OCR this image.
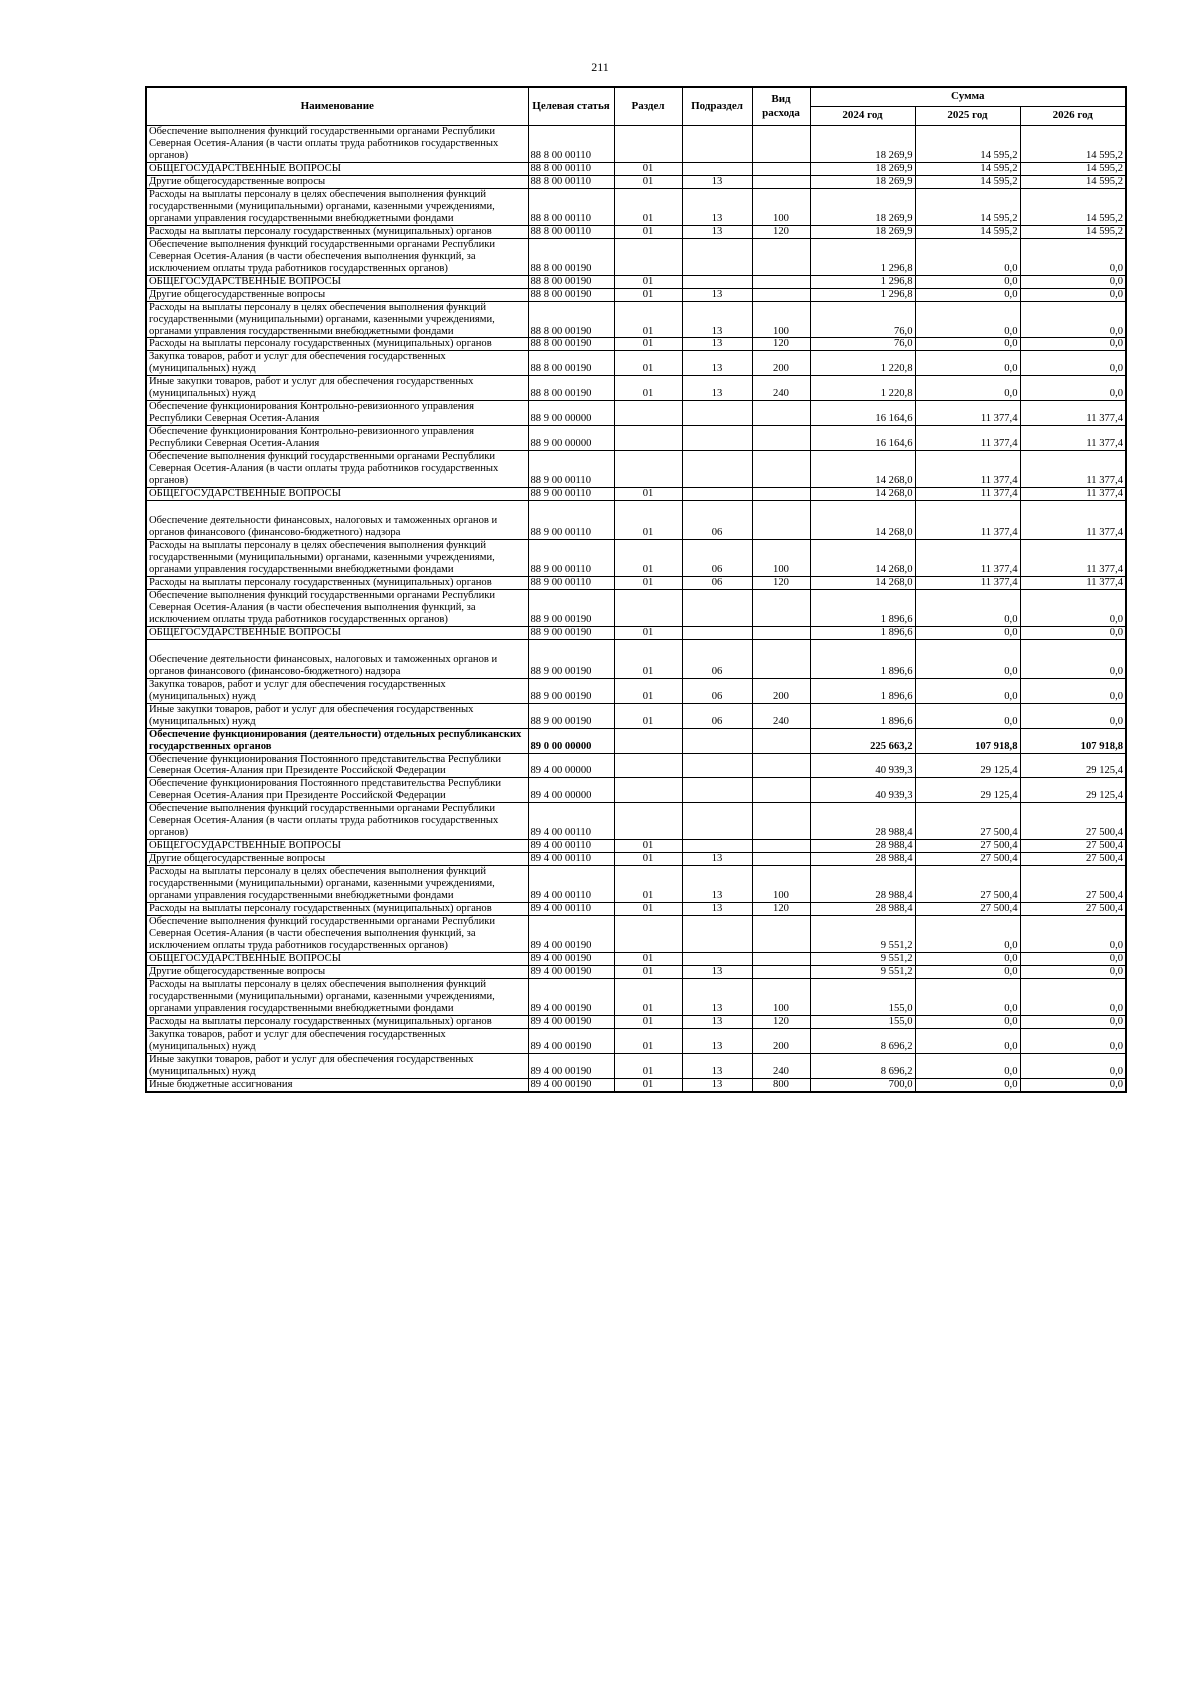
211
Наименование	Целевая статья	Раздел	Подраздел	Вид расхода	Сумма		
					2024 год	2025 год	2026 год
Обеспечение выполнения функций государственными органами Республики Северная Осетия-Алания (в части оплаты труда работников государственных органов)	88 8 00 00110				18 269,9	14 595,2	14 595,2
ОБЩЕГОСУДАРСТВЕННЫЕ ВОПРОСЫ	88 8 00 00110	01			18 269,9	14 595,2	14 595,2
Другие общегосударственные вопросы	88 8 00 00110	01	13		18 269,9	14 595,2	14 595,2
Расходы на выплаты персоналу в целях обеспечения выполнения функций государственными (муниципальными) органами, казенными учреждениями, органами управления государственными внебюджетными фондами	88 8 00 00110	01	13	100	18 269,9	14 595,2	14 595,2
Расходы на выплаты персоналу государственных (муниципальных) органов	88 8 00 00110	01	13	120	18 269,9	14 595,2	14 595,2
Обеспечение выполнения функций государственными органами Республики Северная Осетия-Алания (в части обеспечения выполнения функций, за исключением оплаты труда работников государственных органов)	88 8 00 00190				1 296,8	0,0	0,0
ОБЩЕГОСУДАРСТВЕННЫЕ ВОПРОСЫ	88 8 00 00190	01			1 296,8	0,0	0,0
Другие общегосударственные вопросы	88 8 00 00190	01	13		1 296,8	0,0	0,0
Расходы на выплаты персоналу в целях обеспечения выполнения функций государственными (муниципальными) органами, казенными учреждениями, органами управления государственными внебюджетными фондами	88 8 00 00190	01	13	100	76,0	0,0	0,0
Расходы на выплаты персоналу государственных (муниципальных) органов	88 8 00 00190	01	13	120	76,0	0,0	0,0
Закупка товаров, работ и услуг для обеспечения государственных (муниципальных) нужд	88 8 00 00190	01	13	200	1 220,8	0,0	0,0
Иные закупки товаров, работ и услуг для обеспечения государственных (муниципальных) нужд	88 8 00 00190	01	13	240	1 220,8	0,0	0,0
Обеспечение функционирования Контрольно-ревизионного управления Республики Северная Осетия-Алания	88 9 00 00000				16 164,6	11 377,4	11 377,4
Обеспечение функционирования Контрольно-ревизионного управления Республики Северная Осетия-Алания	88 9 00 00000				16 164,6	11 377,4	11 377,4
Обеспечение выполнения функций государственными органами Республики Северная Осетия-Алания (в части оплаты труда работников государственных органов)	88 9 00 00110				14 268,0	11 377,4	11 377,4
ОБЩЕГОСУДАРСТВЕННЫЕ ВОПРОСЫ	88 9 00 00110	01			14 268,0	11 377,4	11 377,4
Обеспечение деятельности финансовых, налоговых и таможенных органов и органов финансового (финансово-бюджетного) надзора	88 9 00 00110	01	06		14 268,0	11 377,4	11 377,4
Расходы на выплаты персоналу в целях обеспечения выполнения функций государственными (муниципальными) органами, казенными учреждениями, органами управления государственными внебюджетными фондами	88 9 00 00110	01	06	100	14 268,0	11 377,4	11 377,4
Расходы на выплаты персоналу государственных (муниципальных) органов	88 9 00 00110	01	06	120	14 268,0	11 377,4	11 377,4
Обеспечение выполнения функций государственными органами Республики Северная Осетия-Алания (в части обеспечения выполнения функций, за исключением оплаты труда работников государственных органов)	88 9 00 00190				1 896,6	0,0	0,0
ОБЩЕГОСУДАРСТВЕННЫЕ ВОПРОСЫ	88 9 00 00190	01			1 896,6	0,0	0,0
Обеспечение деятельности финансовых, налоговых и таможенных органов и органов финансового (финансово-бюджетного) надзора	88 9 00 00190	01	06		1 896,6	0,0	0,0
Закупка товаров, работ и услуг для обеспечения государственных (муниципальных) нужд	88 9 00 00190	01	06	200	1 896,6	0,0	0,0
Иные закупки товаров, работ и услуг для обеспечения государственных (муниципальных) нужд	88 9 00 00190	01	06	240	1 896,6	0,0	0,0
Обеспечение функционирования (деятельности) отдельных республиканских государственных органов	89 0 00 00000				225 663,2	107 918,8	107 918,8
Обеспечение функционирования Постоянного представительства Республики Северная Осетия-Алания при Президенте Российской Федерации	89 4 00 00000				40 939,3	29 125,4	29 125,4
Обеспечение функционирования Постоянного представительства Республики Северная Осетия-Алания при Президенте Российской Федерации	89 4 00 00000				40 939,3	29 125,4	29 125,4
Обеспечение выполнения функций государственными органами Республики Северная Осетия-Алания (в части оплаты труда работников государственных органов)	89 4 00 00110				28 988,4	27 500,4	27 500,4
ОБЩЕГОСУДАРСТВЕННЫЕ ВОПРОСЫ	89 4 00 00110	01			28 988,4	27 500,4	27 500,4
Другие общегосударственные вопросы	89 4 00 00110	01	13		28 988,4	27 500,4	27 500,4
Расходы на выплаты персоналу в целях обеспечения выполнения функций государственными (муниципальными) органами, казенными учреждениями, органами управления государственными внебюджетными фондами	89 4 00 00110	01	13	100	28 988,4	27 500,4	27 500,4
Расходы на выплаты персоналу государственных (муниципальных) органов	89 4 00 00110	01	13	120	28 988,4	27 500,4	27 500,4
Обеспечение выполнения функций государственными органами Республики Северная Осетия-Алания (в части обеспечения выполнения функций, за исключением оплаты труда работников государственных органов)	89 4 00 00190				9 551,2	0,0	0,0
ОБЩЕГОСУДАРСТВЕННЫЕ ВОПРОСЫ	89 4 00 00190	01			9 551,2	0,0	0,0
Другие общегосударственные вопросы	89 4 00 00190	01	13		9 551,2	0,0	0,0
Расходы на выплаты персоналу в целях обеспечения выполнения функций государственными (муниципальными) органами, казенными учреждениями, органами управления государственными внебюджетными фондами	89 4 00 00190	01	13	100	155,0	0,0	0,0
Расходы на выплаты персоналу государственных (муниципальных) органов	89 4 00 00190	01	13	120	155,0	0,0	0,0
Закупка товаров, работ и услуг для обеспечения государственных (муниципальных) нужд	89 4 00 00190	01	13	200	8 696,2	0,0	0,0
Иные закупки товаров, работ и услуг для обеспечения государственных (муниципальных) нужд	89 4 00 00190	01	13	240	8 696,2	0,0	0,0
Иные бюджетные ассигнования	89 4 00 00190	01	13	800	700,0	0,0	0,0
